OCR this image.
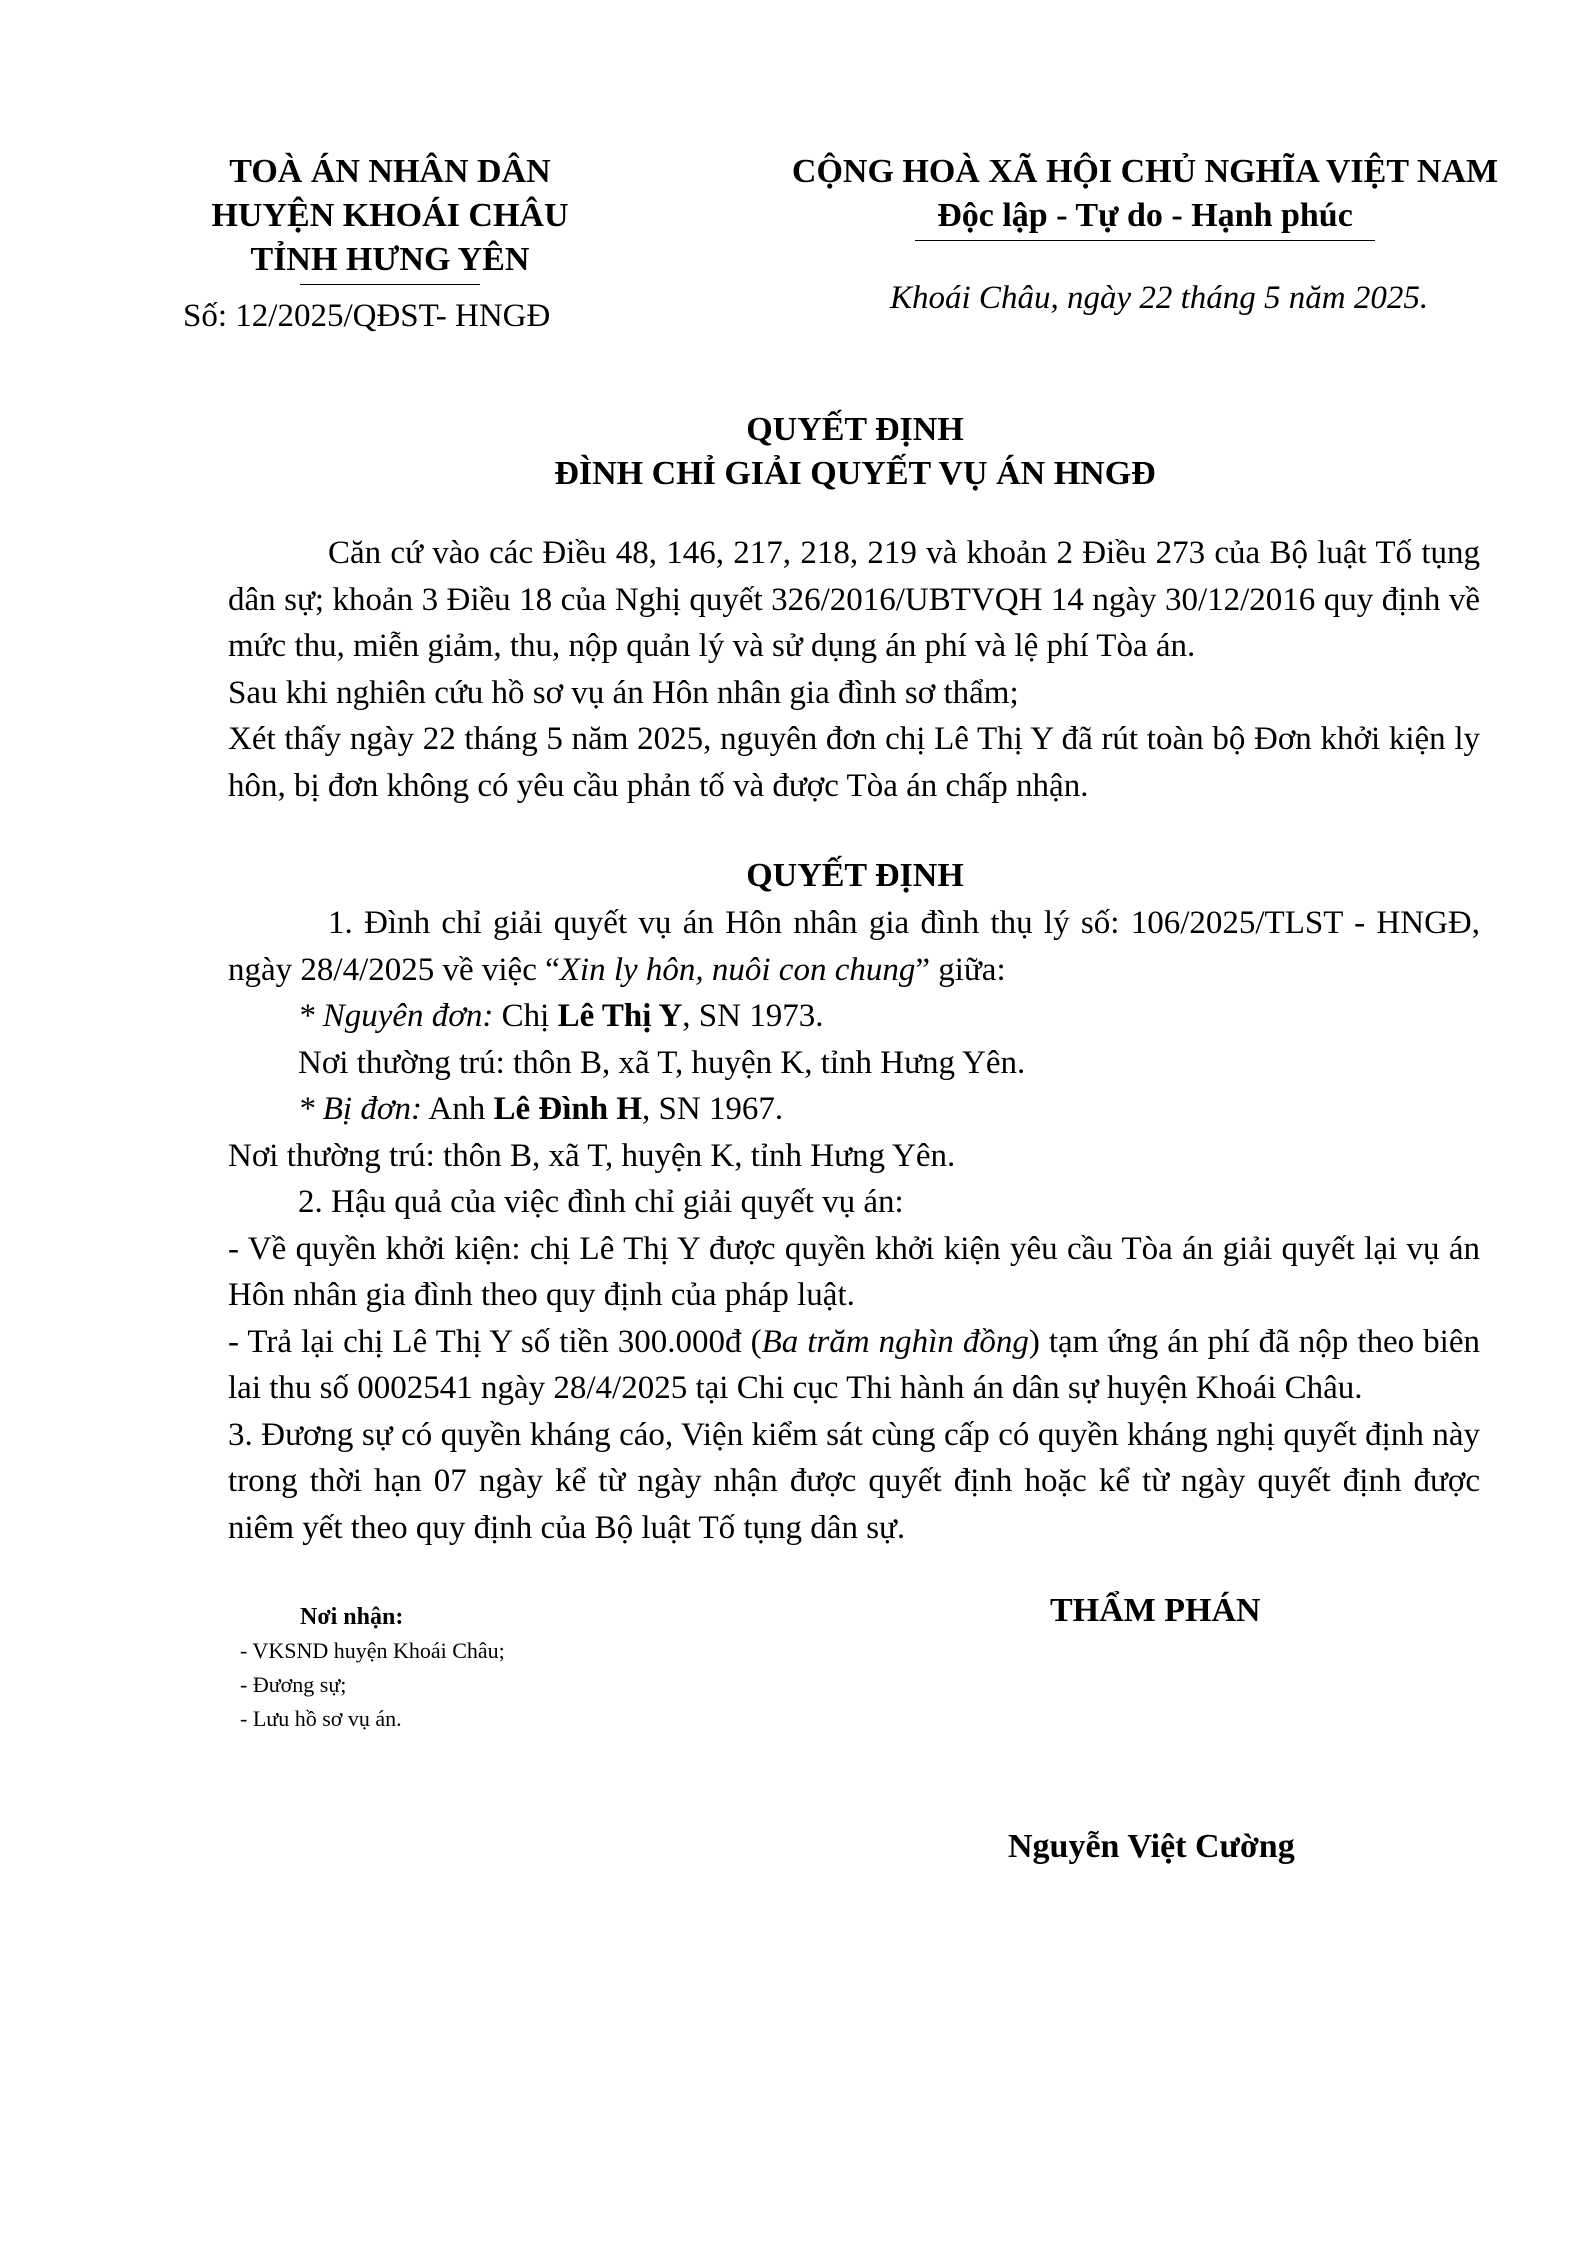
TOÀ ÁN NHÂN DÂN
HUYỆN KHOÁI CHÂU
TỈNH HƯNG YÊN
Số: 12/2025/QĐST- HNGĐ
CỘNG HOÀ XÃ HỘI CHỦ NGHĨA VIỆT NAM
Độc lập - Tự do - Hạnh phúc
Khoái Châu, ngày 22 tháng 5 năm 2025.
QUYẾT ĐỊNH
ĐÌNH CHỈ GIẢI QUYẾT VỤ ÁN HNGĐ

Căn cứ vào các Điều 48, 146, 217, 218, 219 và khoản 2 Điều 273 của Bộ luật Tố tụng dân sự; khoản 3 Điều 18 của Nghị quyết 326/2016/UBTVQH 14 ngày 30/12/2016 quy định về mức thu, miễn giảm, thu, nộp quản lý và sử dụng án phí và lệ phí Tòa án.

Sau khi nghiên cứu hồ sơ vụ án Hôn nhân gia đình sơ thẩm;

Xét thấy ngày 22 tháng 5 năm 2025, nguyên đơn chị Lê Thị Y đã rút toàn bộ Đơn khởi kiện ly hôn, bị đơn không có yêu cầu phản tố và được Tòa án chấp nhận.

QUYẾT ĐỊNH

1. Đình chỉ giải quyết vụ án Hôn nhân gia đình thụ lý số: 106/2025/TLST - HNGĐ, ngày 28/4/2025 về việc “Xin ly hôn, nuôi con chung” giữa:

* Nguyên đơn: Chị Lê Thị Y, SN 1973.

Nơi thường trú: thôn B, xã T, huyện K, tỉnh Hưng Yên.

* Bị đơn: Anh Lê Đình H, SN 1967.

Nơi thường trú: thôn B, xã T, huyện K, tỉnh Hưng Yên.

2. Hậu quả của việc đình chỉ giải quyết vụ án:

- Về quyền khởi kiện: chị Lê Thị Y được quyền khởi kiện yêu cầu Tòa án giải quyết lại vụ án Hôn nhân gia đình theo quy định của pháp luật.

- Trả lại chị Lê Thị Y số tiền 300.000đ (Ba trăm nghìn đồng) tạm ứng án phí đã nộp theo biên lai thu số 0002541 ngày 28/4/2025 tại Chi cục Thi hành án dân sự huyện Khoái Châu.

3. Đương sự có quyền kháng cáo, Viện kiểm sát cùng cấp có quyền kháng nghị quyết định này trong thời hạn 07 ngày kể từ ngày nhận được quyết định hoặc kể từ ngày quyết định được niêm yết theo quy định của Bộ luật Tố tụng dân sự.

Nơi nhận:
- VKSND huyện Khoái Châu;
- Đương sự;
- Lưu hồ sơ vụ án.
THẨM PHÁN
Nguyễn Việt Cường
